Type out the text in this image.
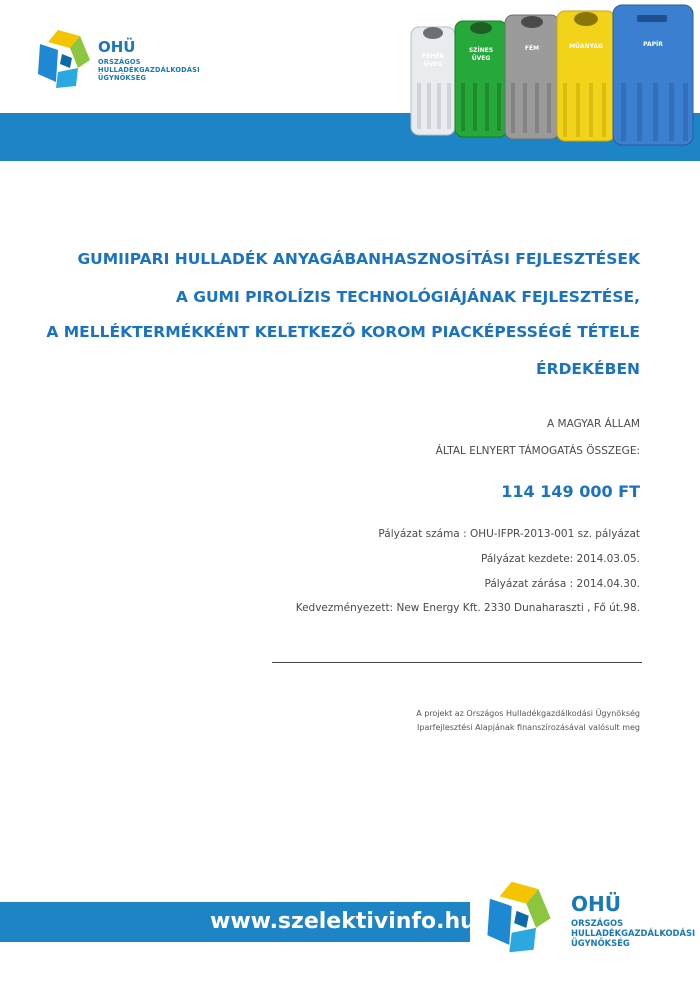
OHÜ
ORSZÁGOS
HULLADÉKGAZDÁLKODÁSI
ÜGYNÖKSÉG
FEHÉR
ÜVEG
SZÍNES
ÜVEG
FÉM	MŰANYAG	PAPÍR
GUMIIPARI HULLADÉK ANYAGÁBANHASZNOSÍTÁSI FEJLESZTÉSEK
A GUMI PIROLÍZIS TECHNOLÓGIÁJÁNAK FEJLESZTÉSE,
A MELLÉKTERMÉKKÉNT KELETKEZŐ KOROM PIACKÉPESSÉGÉ TÉTELE
ÉRDEKÉBEN
A MAGYAR ÁLLAM
ÁLTAL ELNYERT TÁMOGATÁS ÖSSZEGE:
114 149 000 FT
Pályázat száma : OHU-IFPR-2013-001 sz. pályázat
Pályázat kezdete: 2014.03.05.
Pályázat zárása : 2014.04.30.
Kedvezményezett: New Energy Kft. 2330 Dunaharaszti , Fő út.98.
A projekt az Országos Hulladékgazdálkodási Ügynökség
Iparfejlesztési Alapjának finanszírozásával valósult meg
www.szelektivinfo.hu
OHÜ
ORSZÁGOS
HULLADÉKGAZDÁLKODÁSI
ÜGYNÖKSÉG
